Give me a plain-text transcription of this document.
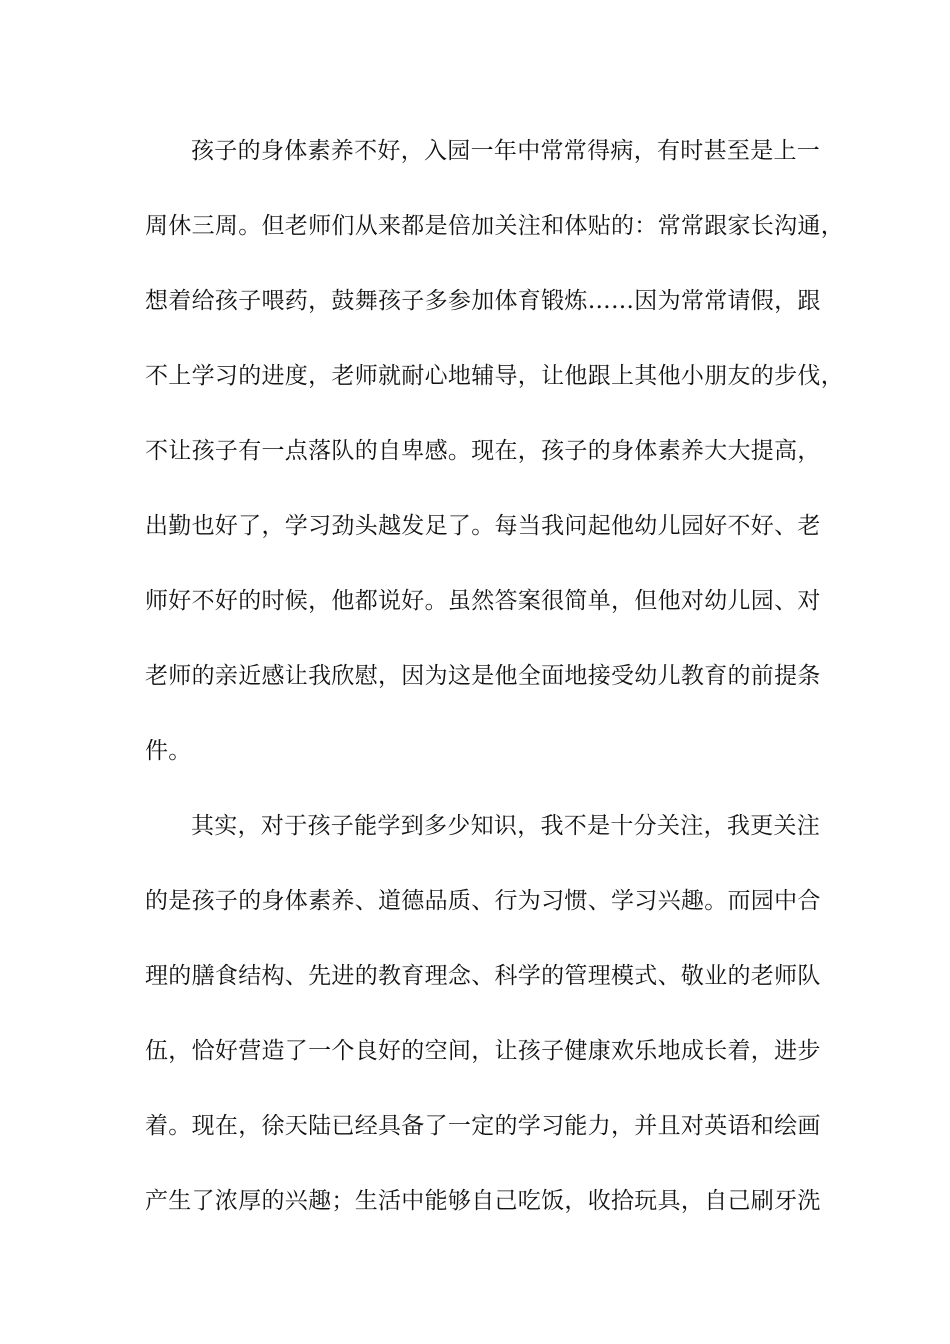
孩子的身体素养不好，入园一年中常常得病，有时甚至是上一
周休三周。但老师们从来都是倍加关注和体贴的：常常跟家长沟通，
想着给孩子喂药，鼓舞孩子多参加体育锻炼……因为常常请假，跟
不上学习的进度，老师就耐心地辅导，让他跟上其他小朋友的步伐，
不让孩子有一点落队的自卑感。现在，孩子的身体素养大大提高，
出勤也好了，学习劲头越发足了。每当我问起他幼儿园好不好、老
师好不好的时候，他都说好。虽然答案很简单，但他对幼儿园、对
老师的亲近感让我欣慰，因为这是他全面地接受幼儿教育的前提条
件。
其实，对于孩子能学到多少知识，我不是十分关注，我更关注
的是孩子的身体素养、道德品质、行为习惯、学习兴趣。而园中合
理的膳食结构、先进的教育理念、科学的管理模式、敬业的老师队
伍，恰好营造了一个良好的空间，让孩子健康欢乐地成长着，进步
着。现在，徐天陆已经具备了一定的学习能力，并且对英语和绘画
产生了浓厚的兴趣；生活中能够自己吃饭，收拾玩具，自己刷牙洗
